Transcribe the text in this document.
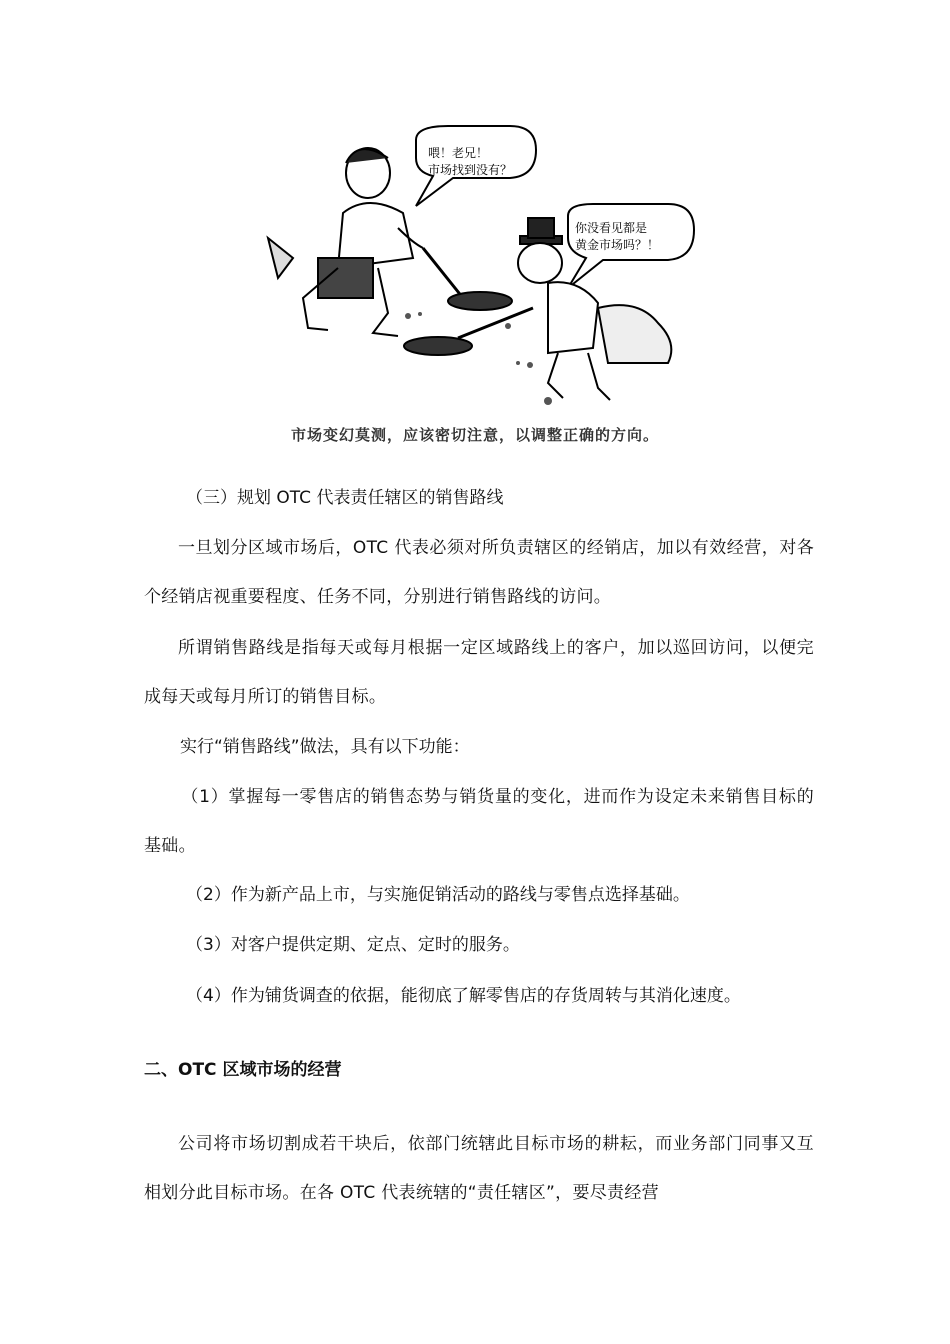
喂！老兄！
市场找到没有？
你没看见都是
黄金市场吗？！
市场变幻莫测，应该密切注意，以调整正确的方向。

（三）规划 OTC 代表责任辖区的销售路线

一旦划分区域市场后，OTC 代表必须对所负责辖区的经销店，加以有效经营，对各个经销店视重要程度、任务不同，分别进行销售路线的访问。

所谓销售路线是指每天或每月根据一定区域路线上的客户，加以巡回访问，以便完成每天或每月所订的销售目标。

实行“销售路线”做法，具有以下功能：

（1）掌握每一零售店的销售态势与销货量的变化，进而作为设定未来销售目标的基础。

（2）作为新产品上市，与实施促销活动的路线与零售点选择基础。

（3）对客户提供定期、定点、定时的服务。

（4）作为铺货调查的依据，能彻底了解零售店的存货周转与其消化速度。

二、OTC 区域市场的经营

公司将市场切割成若干块后，依部门统辖此目标市场的耕耘，而业务部门同事又互相划分此目标市场。在各 OTC 代表统辖的“责任辖区”，要尽责经营
